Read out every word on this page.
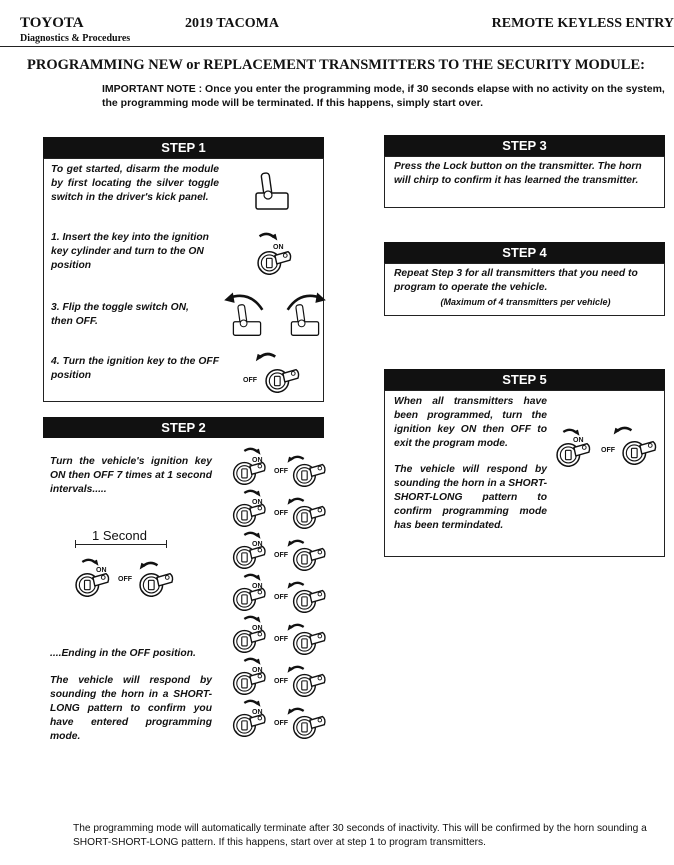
TOYOTA
Diagnostics & Procedures
2019 TACOMA	REMOTE KEYLESS ENTRY
PROGRAMMING NEW or REPLACEMENT TRANSMITTERS TO THE SECURITY MODULE:
IMPORTANT NOTE : Once you enter the programming mode, if 30 seconds elapse with no activity on the system, the programming mode will be terminated. If this happens, simply start over.
STEP 1
To get started, disarm the module by first locating the silver toggle switch in the driver's kick panel.
1. Insert the key into the ignition key cylinder and turn to the ON position
ON
3. Flip the toggle switch ON, then OFF.
4. Turn the ignition key to the OFF position	OFF
STEP 2
Turn the vehicle's ignition key ON then OFF 7 times at 1 second intervals.....
1 Second
ON
OFF
....Ending in the OFF position.
The vehicle will respond by sounding the horn in a SHORT-LONG pattern to confirm you have entered programming mode.
ON
OFF
ON
OFF
ON
OFF
ON
OFF
ON
OFF
ON
OFF
ON
OFF
STEP 3
Press the Lock button on the transmitter. The horn will chirp to confirm it has learned the transmitter.
STEP 4
Repeat Step 3 for all transmitters that you need to program to operate the vehicle.
(Maximum of 4 transmitters per vehicle)
STEP 5
When all transmitters have been programmed, turn the ignition key ON then OFF to exit the program mode.
The vehicle will respond by sounding the horn in a SHORT-SHORT-LONG pattern to confirm programming mode has been termindated.
ON
OFF
The programming mode will automatically terminate after 30 seconds of inactivity. This will be confirmed by the horn sounding a SHORT-SHORT-LONG pattern. If this happens, start over at step 1 to program transmitters.
